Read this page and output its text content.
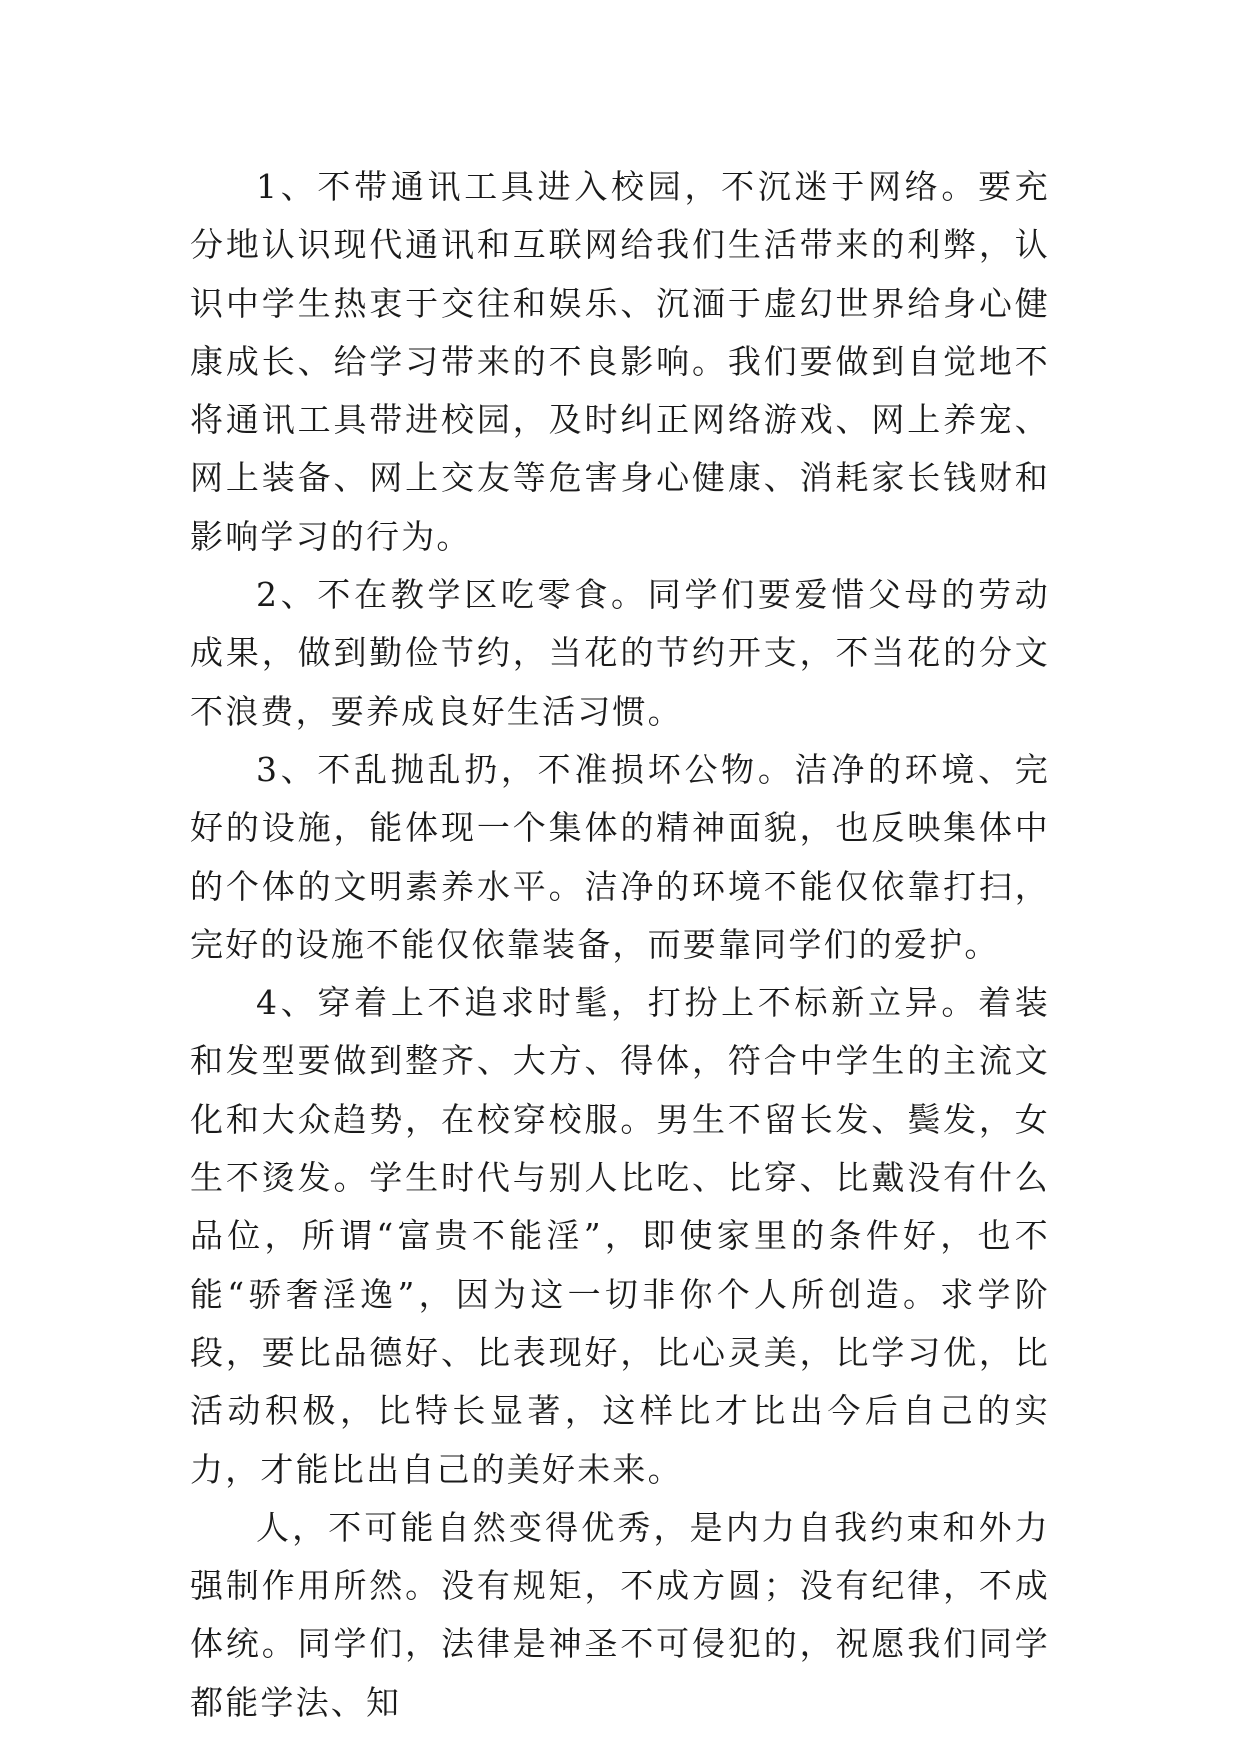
1、不带通讯工具进入校园，不沉迷于网络。要充分地认识现代通讯和互联网给我们生活带来的利弊，认识中学生热衷于交往和娱乐、沉湎于虚幻世界给身心健康成长、给学习带来的不良影响。我们要做到自觉地不将通讯工具带进校园，及时纠正网络游戏、网上养宠、网上装备、网上交友等危害身心健康、消耗家长钱财和影响学习的行为。

2、不在教学区吃零食。同学们要爱惜父母的劳动成果，做到勤俭节约，当花的节约开支，不当花的分文不浪费，要养成良好生活习惯。

3、不乱抛乱扔，不准损坏公物。洁净的环境、完好的设施，能体现一个集体的精神面貌，也反映集体中的个体的文明素养水平。洁净的环境不能仅依靠打扫，完好的设施不能仅依靠装备，而要靠同学们的爱护。

4、穿着上不追求时髦，打扮上不标新立异。着装和发型要做到整齐、大方、得体，符合中学生的主流文化和大众趋势，在校穿校服。男生不留长发、鬓发，女生不烫发。学生时代与别人比吃、比穿、比戴没有什么品位，所谓“富贵不能淫”，即使家里的条件好，也不能“骄奢淫逸”，因为这一切非你个人所创造。求学阶段，要比品德好、比表现好，比心灵美，比学习优，比活动积极，比特长显著，这样比才比出今后自己的实力，才能比出自己的美好未来。

人，不可能自然变得优秀，是内力自我约束和外力强制作用所然。没有规矩，不成方圆；没有纪律，不成体统。同学们，法律是神圣不可侵犯的，祝愿我们同学都能学法、知
